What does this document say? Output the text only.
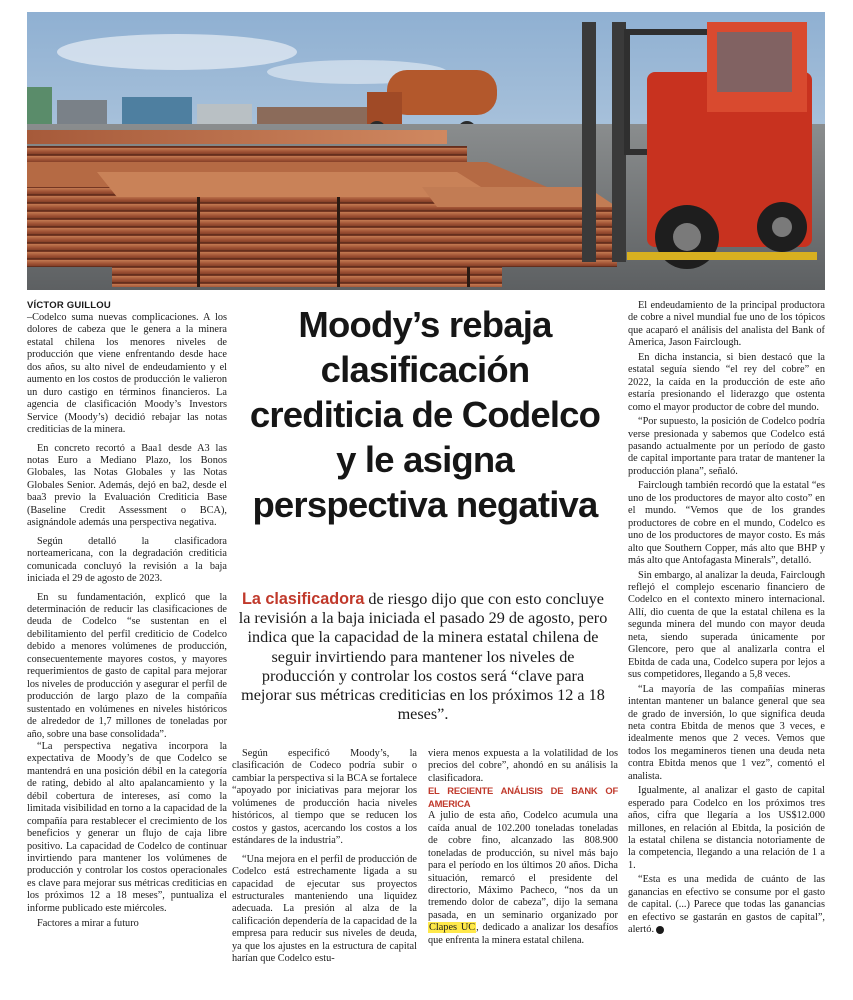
VÍCTOR GUILLOU

–Codelco suma nuevas complicaciones. A los dolores de cabeza que le genera a la minera estatal chilena los menores niveles de producción que viene enfrentando desde hace dos años, su alto nivel de endeudamiento y el aumento en los costos de producción le valieron un duro castigo en términos financieros. La agencia de clasificación Moody’s Investors Service (Moody’s) decidió rebajar las notas crediticias de la minera.

En concreto recortó a Baa1 desde A3 las notas Euro a Mediano Plazo, los Bonos Globales, las Notas Globales y las Notas Globales Senior. Además, dejó en ba2, desde el baa3 previo la Evaluación Crediticia Base (Baseline Credit Assessment o BCA), asignándole además una perspectiva negativa.

Según detalló la clasificadora norteamericana, con la degradación crediticia comunicada concluyó la revisión a la baja iniciada el 29 de agosto de 2023.

En su fundamentación, explicó que la determinación de reducir las clasificaciones de deuda de Codelco “se sustentan en el debilitamiento del perfil crediticio de Codelco debido a menores volúmenes de producción, consecuentemente mayores costos, y mayores requerimientos de gasto de capital para mejorar los niveles de producción y asegurar el perfil de producción de largo plazo de la compañía sustentado en volúmenes en niveles históricos de alrededor de 1,7 millones de toneladas por año, sobre una base consolidada”.

“La perspectiva negativa incorpora la expectativa de Moody’s de que Codelco se mantendrá en una posición débil en la categoría de rating, debido al alto apalancamiento y la débil cobertura de intereses, así como la limitada visibilidad en torno a la capacidad de la compañía para restablecer el crecimiento de los beneficios y generar un flujo de caja libre positivo. La capacidad de Codelco de continuar invirtiendo para mantener los volúmenes de producción y controlar los costos operacionales es clave para mejorar sus métricas crediticias en los próximos 12 a 18 meses”, puntualiza el informe publicado este miércoles.

Factores a mirar a futuro

Moody’s rebaja clasificación crediticia de Codelco y le asigna perspectiva negativa
La clasificadora de riesgo dijo que con esto concluye la revisión a la baja iniciada el pasado 29 de agosto, pero indica que la capacidad de la minera estatal chilena de seguir invirtiendo para mantener los niveles de producción y controlar los costos será “clave para mejorar sus métricas crediticias en los próximos 12 a 18 meses”.

Según especificó Moody’s, la clasificación de Codeco podría subir o cambiar la perspectiva si la BCA se fortalece “apoyado por iniciativas para mejorar los volúmenes de producción hacia niveles históricos, al tiempo que se reducen los costos y gastos, acercando los costos a los estándares de la industria”.

“Una mejora en el perfil de producción de Codelco está estrechamente ligada a su capacidad de ejecutar sus proyectos estructurales manteniendo una liquidez adecuada. La presión al alza de la calificación dependería de la capacidad de la empresa para reducir sus niveles de deuda, ya que los ajustes en la estructura de capital harían que Codelco estu-

viera menos expuesta a la volatilidad de los precios del cobre”, ahondó en su análisis la clasificadora.

EL RECIENTE ANÁLISIS DE BANK OF AMERICA

A julio de esta año, Codelco acumula una caída anual de 102.200 toneladas toneladas de cobre fino, alcanzado las 808.900 toneladas de producción, su nivel más bajo para el período en los últimos 20 años. Dicha situación, remarcó el presidente del directorio, Máximo Pacheco, “nos da un tremendo dolor de cabeza”, dijo la semana pasada, en un seminario organizado por Clapes UC, dedicado a analizar los desafíos que enfrenta la minera estatal chilena.

El endeudamiento de la principal productora de cobre a nivel mundial fue uno de los tópicos que acaparó el análisis del analista del Bank of America, Jason Fairclough.

En dicha instancia, si bien destacó que la estatal seguía siendo “el rey del cobre” en 2022, la caída en la producción de este año estaría presionando el liderazgo que ostenta como el mayor productor de cobre del mundo.

“Por supuesto, la posición de Codelco podría verse presionada y sabemos que Codelco está pasando actualmente por un período de gasto de capital importante para tratar de mantener la producción plana”, señaló.

Fairclough también recordó que la estatal “es uno de los productores de mayor alto costo” en el mundo. “Vemos que de los grandes productores de cobre en el mundo, Codelco es uno de los productores de mayor costo. Es más alto que Southern Copper, más alto que BHP y más alto que Antofagasta Minerals”, detalló.

Sin embargo, al analizar la deuda, Fairclough reflejó el complejo escenario financiero de Codelco en el contexto minero internacional. Allí, dio cuenta de que la estatal chilena es la segunda minera del mundo con mayor deuda neta, siendo superada únicamente por Glencore, pero que al analizarla contra el Ebitda de cada una, Codelco supera por lejos a sus competidores, llegando a 5,8 veces.

“La mayoría de las compañías mineras intentan mantener un balance general que sea de grado de inversión, lo que significa deuda neta contra Ebitda de menos que 3 veces, e idealmente menos que 2 veces. Vemos que todos los megamineros tienen una deuda neta contra Ebitda menos que 1 vez”, comentó el analista.

Igualmente, al analizar el gasto de capital esperado para Codelco en los próximos tres años, cifra que llegaría a los US$12.000 millones, en relación al Ebitda, la posición de la estatal chilena se distancia notoriamente de la competencia, llegando a una relación de 1 a 1.

“Esta es una medida de cuánto de las ganancias en efectivo se consume por el gasto de capital. (...) Parece que todas las ganancias en efectivo se gastarán en gastos de capital”, alertó.
